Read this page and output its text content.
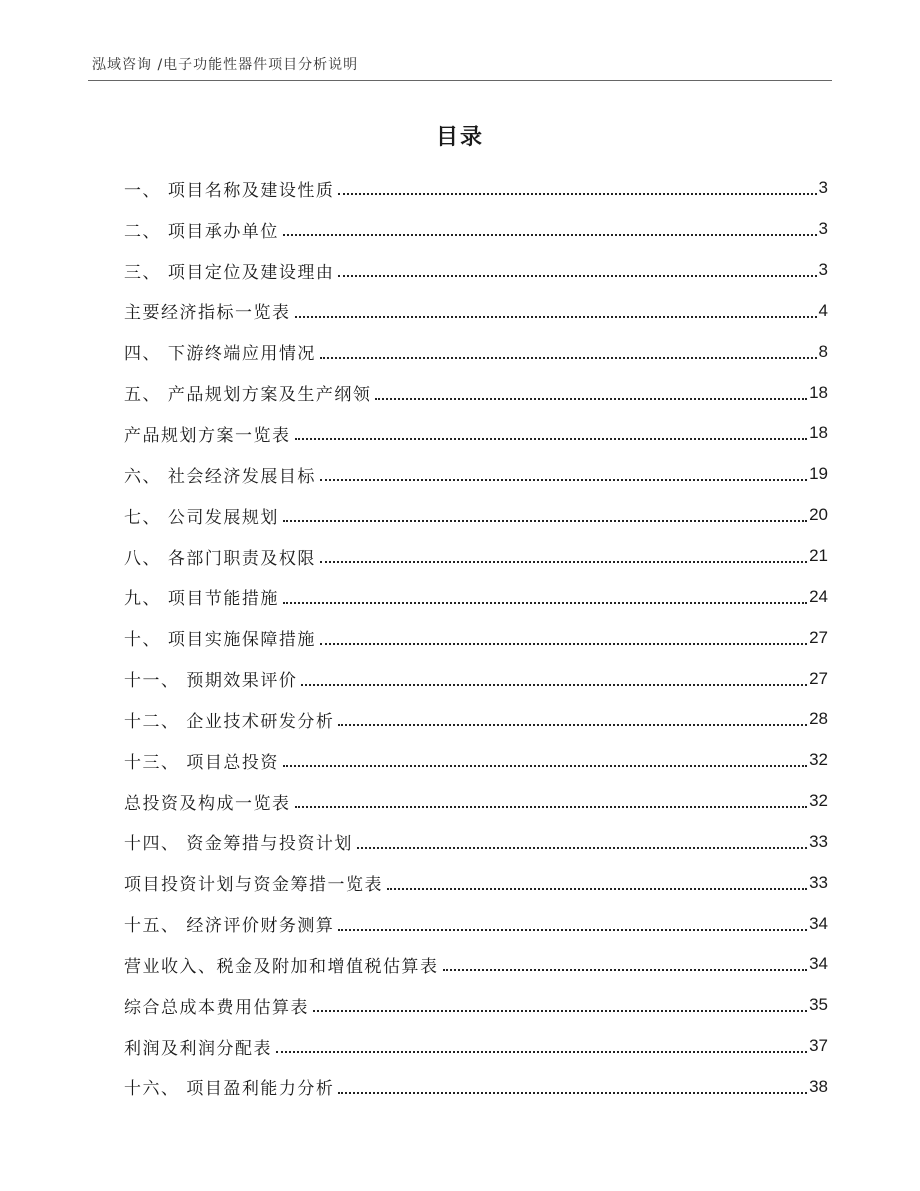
泓域咨询 /电子功能性器件项目分析说明
目录
一、 项目名称及建设性质	3
二、 项目承办单位	3
三、 项目定位及建设理由	3
主要经济指标一览表	4
四、 下游终端应用情况	8
五、 产品规划方案及生产纲领	18
产品规划方案一览表	18
六、 社会经济发展目标	19
七、 公司发展规划	20
八、 各部门职责及权限	21
九、 项目节能措施	24
十、 项目实施保障措施	27
十一、 预期效果评价	27
十二、 企业技术研发分析	28
十三、 项目总投资	32
总投资及构成一览表	32
十四、 资金筹措与投资计划	33
项目投资计划与资金筹措一览表	33
十五、 经济评价财务测算	34
营业收入、税金及附加和增值税估算表	34
综合总成本费用估算表	35
利润及利润分配表	37
十六、 项目盈利能力分析	38
